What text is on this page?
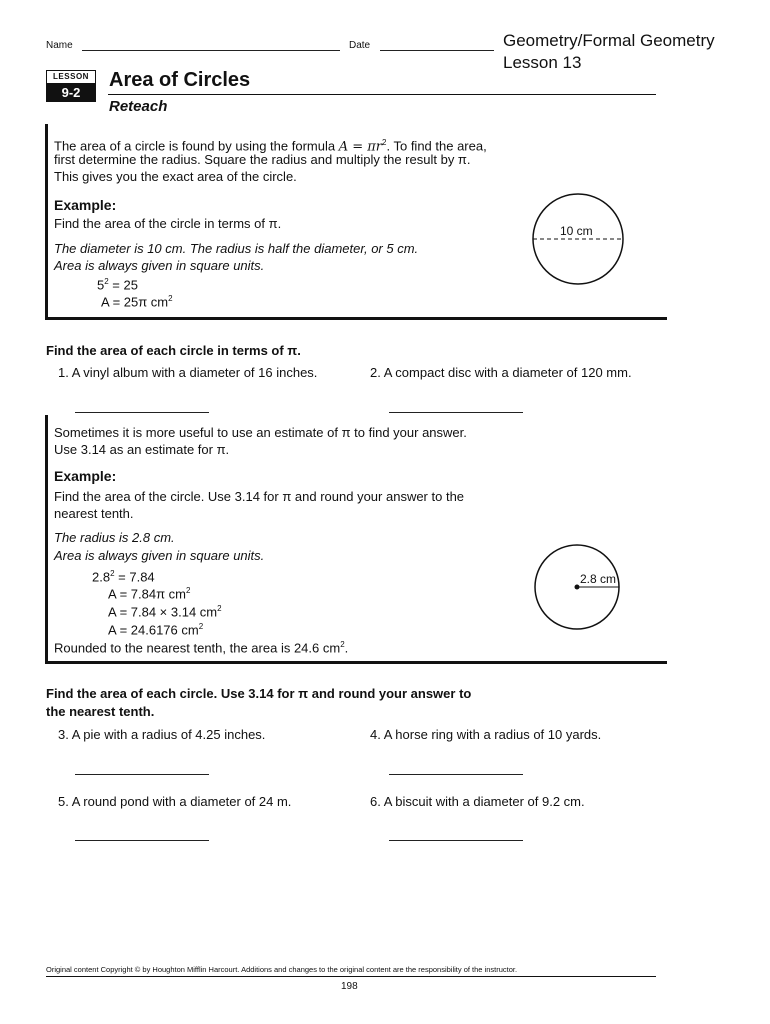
Name	Date	Geometry/Formal Geometry
Lesson 13
LESSON
9-2
Area of Circles
Reteach
The area of a circle is found by using the formula $A = \pi r^2$. To find the area,
first determine the radius. Square the radius and multiply the result by π.
This gives you the exact area of the circle.
Example:
Find the area of the circle in terms of π.
The diameter is 10 cm. The radius is half the diameter, or 5 cm.
Area is always given in square units.
$5^2 = 25$
A = 25π $cm^2$
10 cm
Find the area of each circle in terms of π.
1. A vinyl album with a diameter of 16 inches.	2. A compact disc with a diameter of 120 mm.
Sometimes it is more useful to use an estimate of π to find your answer.
Use 3.14 as an estimate for π.
Example:
Find the area of the circle. Use 3.14 for π and round your answer to the
nearest tenth.
The radius is 2.8 cm.
Area is always given in square units.
$2.8^2 = 7.84$
A = 7.84π $cm^2$
A = 7.84 × 3.14 $cm^2$
A = 24.6176 $cm^2$
Rounded to the nearest tenth, the area is 24.6 $cm^2$.
2.8 cm
Find the area of each circle. Use 3.14 for π and round your answer to
the nearest tenth.
3. A pie with a radius of 4.25 inches.	4. A horse ring with a radius of 10 yards.
5. A round pond with a diameter of 24 m.	6. A biscuit with a diameter of 9.2 cm.
Original content Copyright © by Houghton Mifflin Harcourt. Additions and changes to the original content are the responsibility of the instructor.
198
